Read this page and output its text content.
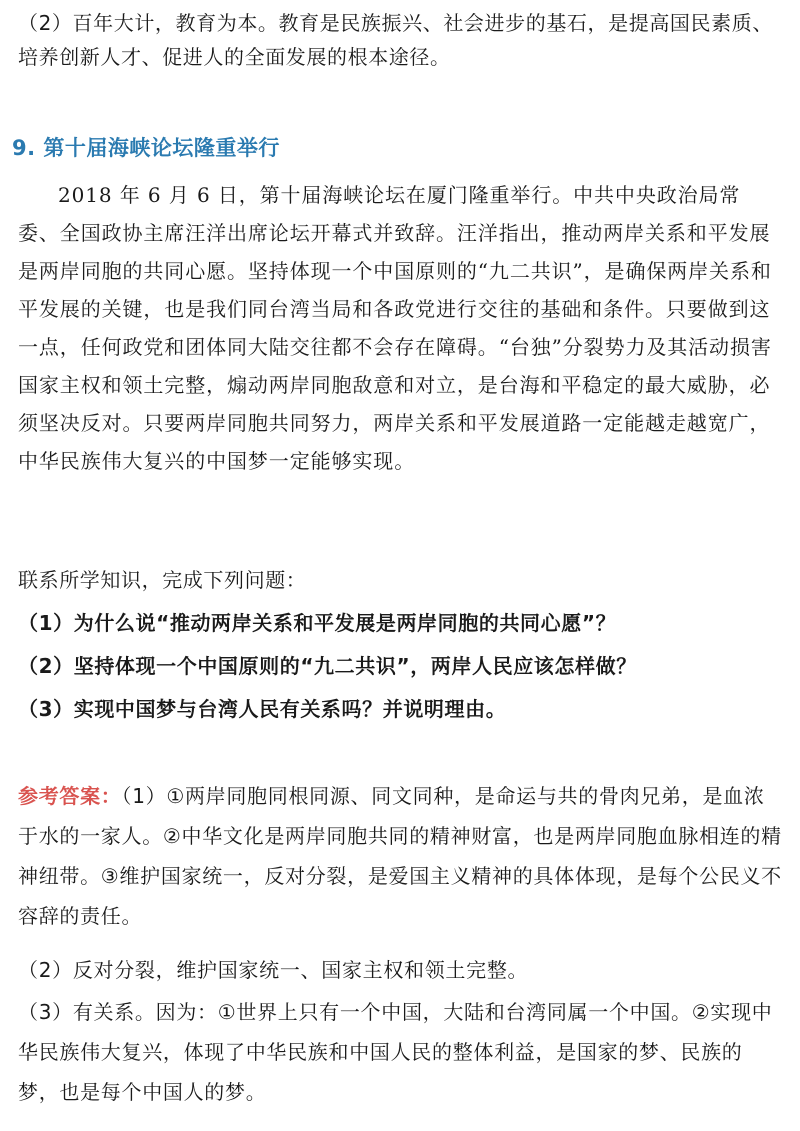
（2）百年大计，教育为本。教育是民族振兴、社会进步的基石，是提高国民素质、培养创新人才、促进人的全面发展的根本途径。

9. 第十届海峡论坛隆重举行

2018 年 6 月 6 日，第十届海峡论坛在厦门隆重举行。中共中央政治局常委、全国政协主席汪洋出席论坛开幕式并致辞。汪洋指出，推动两岸关系和平发展是两岸同胞的共同心愿。坚持体现一个中国原则的“九二共识”，是确保两岸关系和平发展的关键，也是我们同台湾当局和各政党进行交往的基础和条件。只要做到这一点，任何政党和团体同大陆交往都不会存在障碍。“台独”分裂势力及其活动损害国家主权和领土完整，煽动两岸同胞敌意和对立，是台海和平稳定的最大威胁，必须坚决反对。只要两岸同胞共同努力，两岸关系和平发展道路一定能越走越宽广，中华民族伟大复兴的中国梦一定能够实现。

联系所学知识，完成下列问题：

（1）为什么说“推动两岸关系和平发展是两岸同胞的共同心愿”？

（2）坚持体现一个中国原则的“九二共识”，两岸人民应该怎样做？

（3）实现中国梦与台湾人民有关系吗？并说明理由。

参考答案：（1）①两岸同胞同根同源、同文同种，是命运与共的骨肉兄弟，是血浓于水的一家人。②中华文化是两岸同胞共同的精神财富，也是两岸同胞血脉相连的精神纽带。③维护国家统一，反对分裂，是爱国主义精神的具体体现，是每个公民义不容辞的责任。

（2）反对分裂，维护国家统一、国家主权和领土完整。

（3）有关系。因为：①世界上只有一个中国，大陆和台湾同属一个中国。②实现中华民族伟大复兴，体现了中华民族和中国人民的整体利益，是国家的梦、民族的梦，也是每个中国人的梦。
